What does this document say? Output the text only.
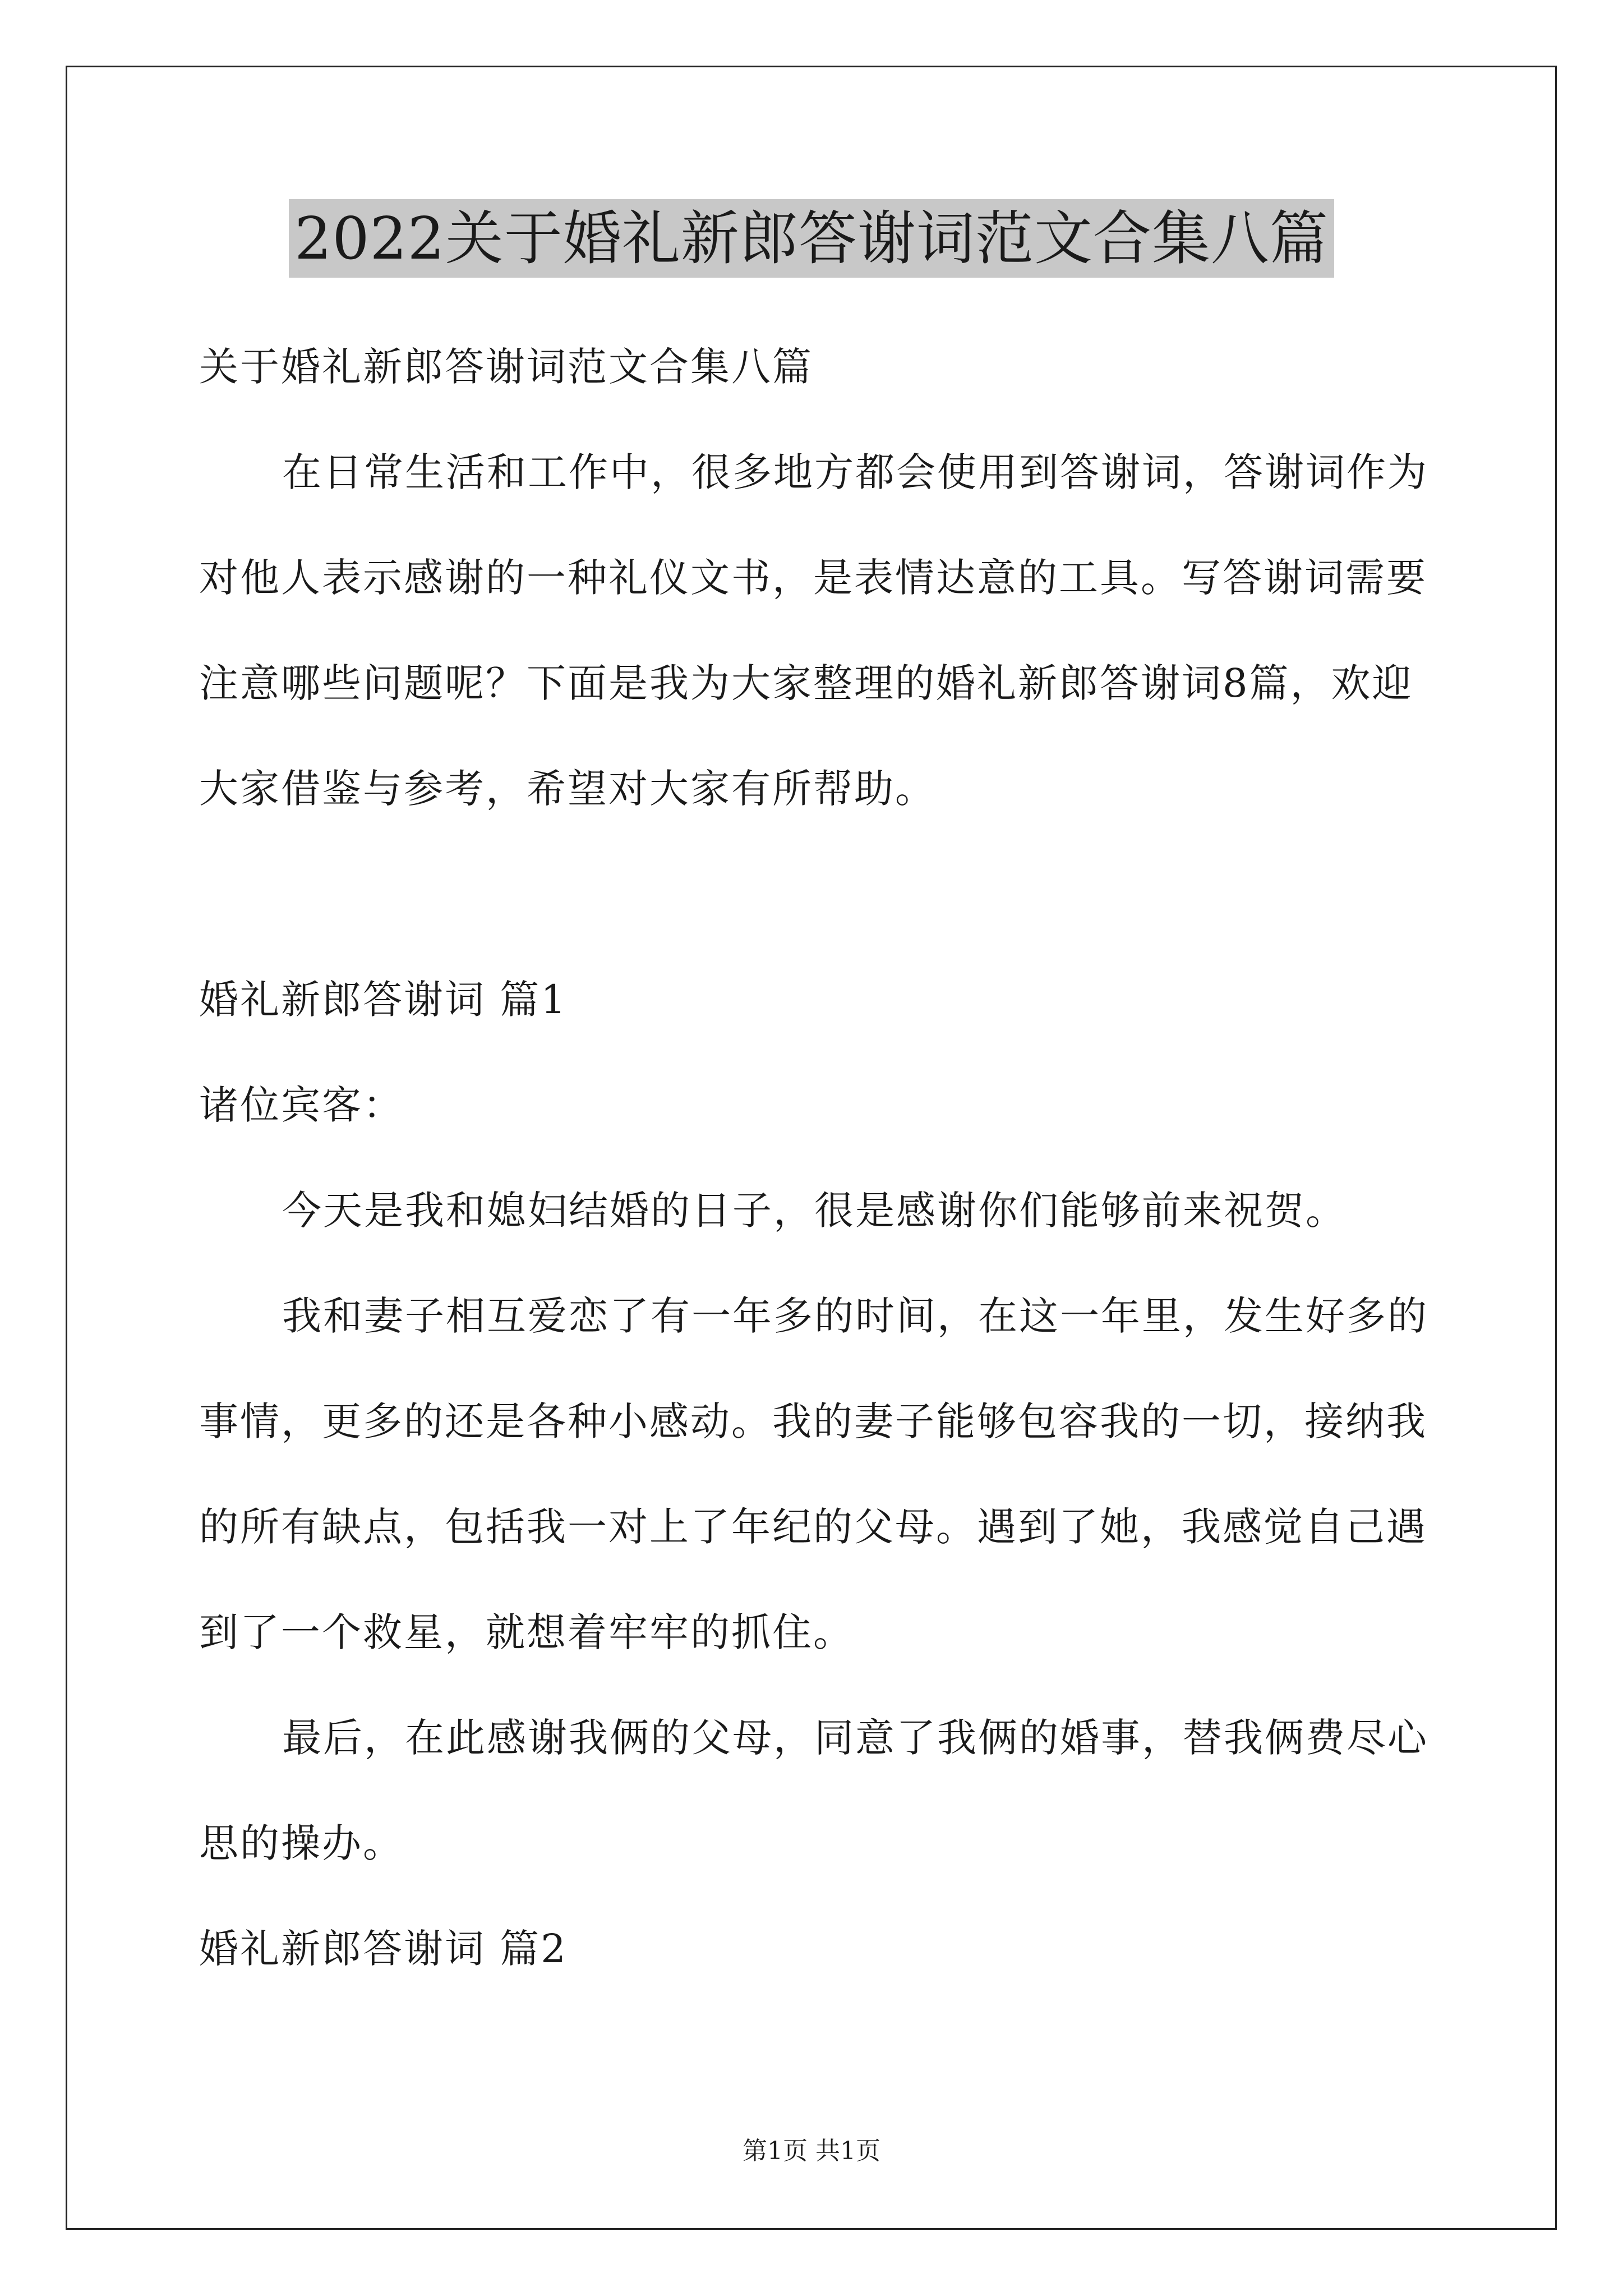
2022关于婚礼新郎答谢词范文合集八篇
关于婚礼新郎答谢词范文合集八篇
在日常生活和工作中，很多地方都会使用到答谢词，答谢词作为
对他人表示感谢的一种礼仪文书，是表情达意的工具。写答谢词需要
注意哪些问题呢？下面是我为大家整理的婚礼新郎答谢词8篇，欢迎
大家借鉴与参考，希望对大家有所帮助。
婚礼新郎答谢词 篇1
诸位宾客：
今天是我和媳妇结婚的日子，很是感谢你们能够前来祝贺。
我和妻子相互爱恋了有一年多的时间，在这一年里，发生好多的
事情，更多的还是各种小感动。我的妻子能够包容我的一切，接纳我
的所有缺点，包括我一对上了年纪的父母。遇到了她，我感觉自己遇
到了一个救星，就想着牢牢的抓住。
最后，在此感谢我俩的父母，同意了我俩的婚事，替我俩费尽心
思的操办。
婚礼新郎答谢词 篇2
第1页 共1页
